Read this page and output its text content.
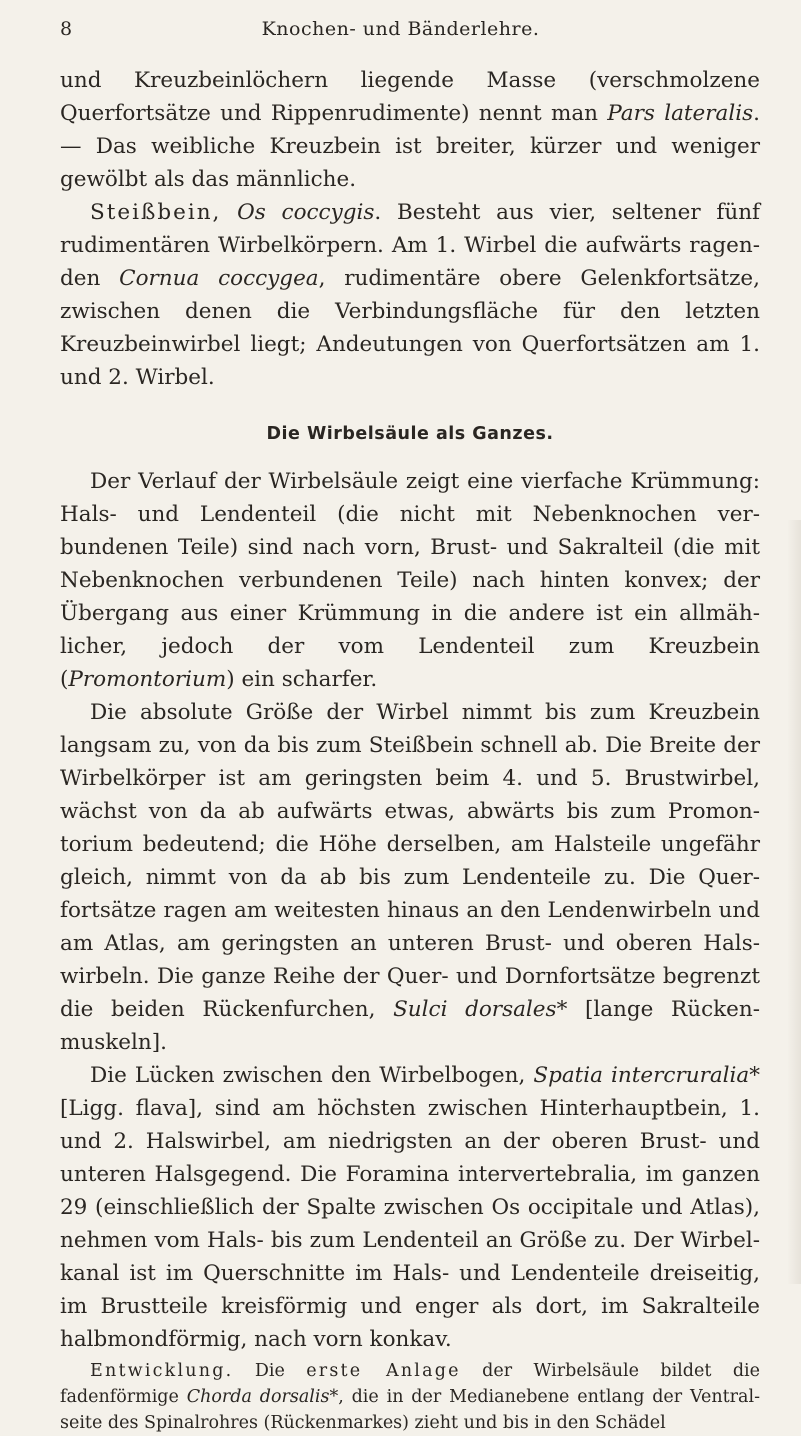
8	Knochen- und Bänderlehre.

und Kreuzbeinlöchern liegende Masse (verschmolzene Querfortsätze und Rippenrudimente) nennt man Pars lateralis. — Das weibliche Kreuzbein ist breiter, kürzer und weniger gewölbt als das männliche.

Steißbein, Os coccygis. Besteht aus vier, seltener fünf rudimentären Wirbelkörpern. Am 1. Wirbel die aufwärts ragenden Cornua coccygea, rudimentäre obere Gelenkfortsätze, zwischen denen die Verbindungsfläche für den letzten Kreuzbeinwirbel liegt; Andeutungen von Querfortsätzen am 1. und 2. Wirbel.

Die Wirbelsäule als Ganzes.

Der Verlauf der Wirbelsäule zeigt eine vierfache Krümmung: Hals- und Lendenteil (die nicht mit Nebenknochen verbundenen Teile) sind nach vorn, Brust- und Sakralteil (die mit Nebenknochen verbundenen Teile) nach hinten konvex; der Übergang aus einer Krümmung in die andere ist ein allmählicher, jedoch der vom Lendenteil zum Kreuzbein (Promontorium) ein scharfer.

Die absolute Größe der Wirbel nimmt bis zum Kreuzbein langsam zu, von da bis zum Steißbein schnell ab. Die Breite der Wirbelkörper ist am geringsten beim 4. und 5. Brustwirbel, wächst von da ab aufwärts etwas, abwärts bis zum Promontorium bedeutend; die Höhe derselben, am Halsteile ungefähr gleich, nimmt von da ab bis zum Lendenteile zu. Die Querfortsätze ragen am weitesten hinaus an den Lendenwirbeln und am Atlas, am geringsten an unteren Brust- und oberen Halswirbeln. Die ganze Reihe der Quer- und Dornfortsätze begrenzt die beiden Rückenfurchen, Sulci dorsales* [lange Rückenmuskeln].

Die Lücken zwischen den Wirbelbogen, Spatia intercruralia* [Ligg. flava], sind am höchsten zwischen Hinterhauptbein, 1. und 2. Halswirbel, am niedrigsten an der oberen Brust- und unteren Halsgegend. Die Foramina intervertebralia, im ganzen 29 (einschließlich der Spalte zwischen Os occipitale und Atlas), nehmen vom Hals- bis zum Lendenteil an Größe zu. Der Wirbelkanal ist im Querschnitte im Hals- und Lendenteile dreiseitig, im Brustteile kreisförmig und enger als dort, im Sakralteile halbmondförmig, nach vorn konkav.

Entwicklung. Die erste Anlage der Wirbelsäule bildet die fadenförmige Chorda dorsalis*, die in der Medianebene entlang der Ventralseite des Spinalrohres (Rückenmarkes) zieht und bis in den Schädel
